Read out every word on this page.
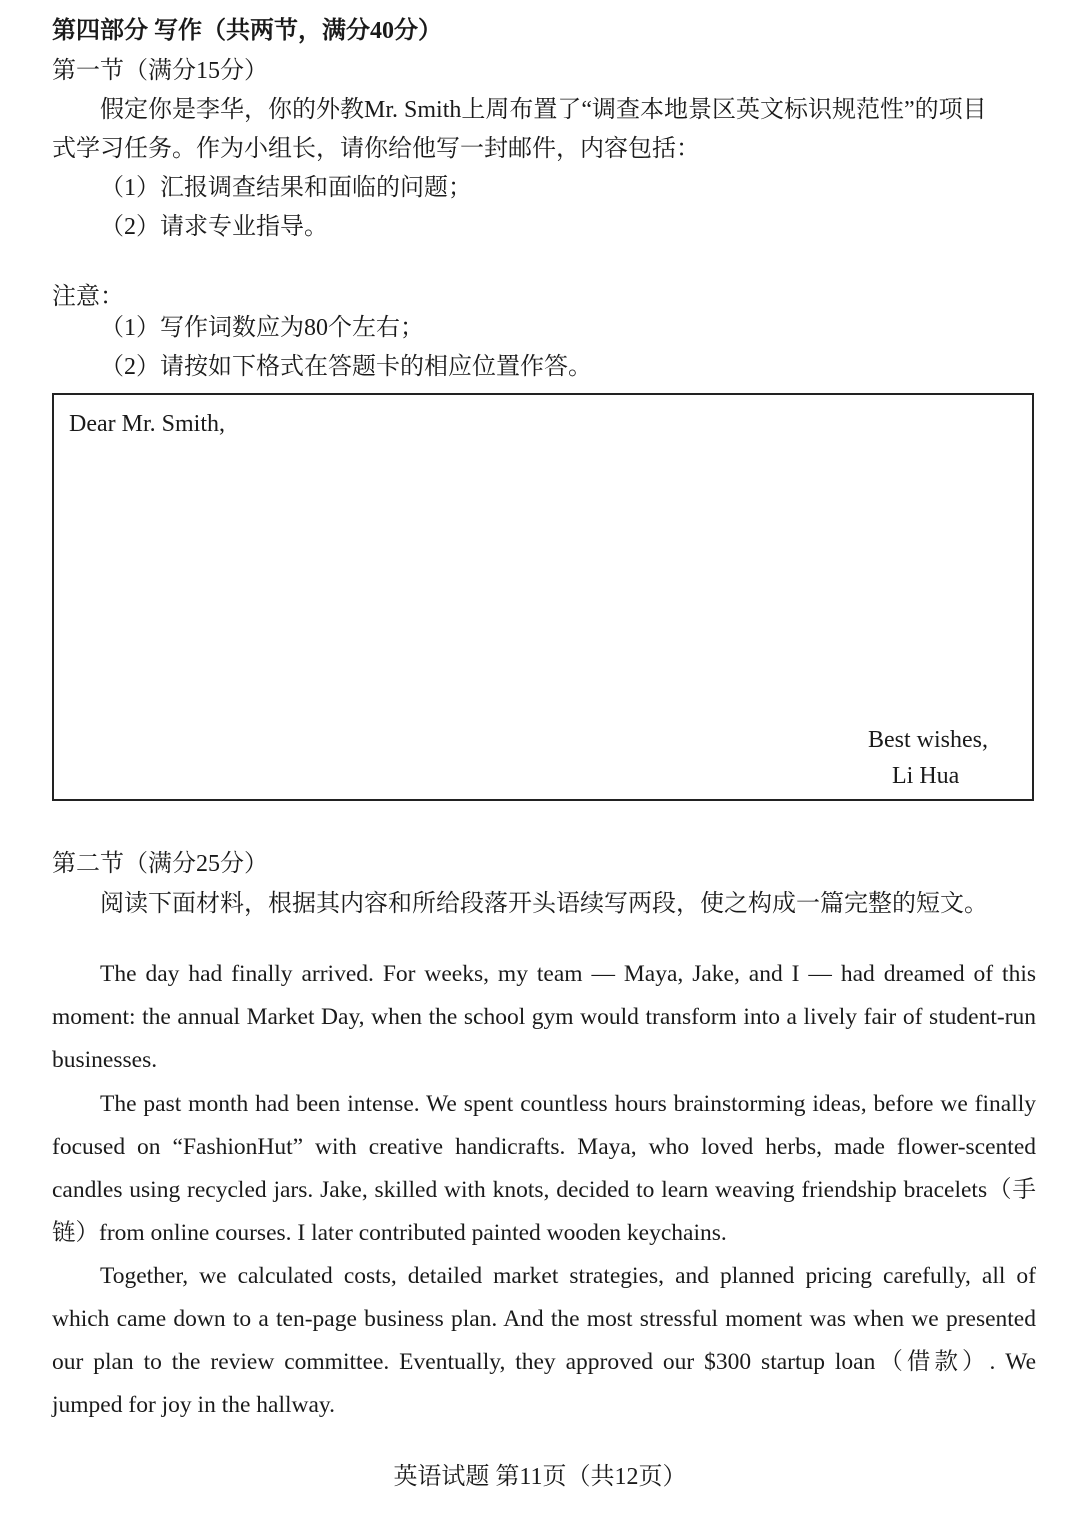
第四部分 写作（共两节，满分40分）
第一节（满分15分）
假定你是李华，你的外教Mr. Smith上周布置了“调查本地景区英文标识规范性”的项目
式学习任务。作为小组长，请你给他写一封邮件，内容包括：
（1）汇报调查结果和面临的问题；
（2）请求专业指导。
注意：
（1）写作词数应为80个左右；
（2）请按如下格式在答题卡的相应位置作答。
Dear Mr. Smith,
Best wishes,
Li Hua
第二节（满分25分）
阅读下面材料，根据其内容和所给段落开头语续写两段，使之构成一篇完整的短文。

The day had finally arrived. For weeks, my team — Maya, Jake, and I — had dreamed of this moment: the annual Market Day, when the school gym would transform into a lively fair of student-run businesses.

The past month had been intense. We spent countless hours brainstorming ideas, before we finally focused on “FashionHut” with creative handicrafts. Maya, who loved herbs, made flower-scented candles using recycled jars. Jake, skilled with knots, decided to learn weaving friendship bracelets（手链）from online courses. I later contributed painted wooden keychains.

Together, we calculated costs, detailed market strategies, and planned pricing carefully, all of which came down to a ten-page business plan. And the most stressful moment was when we presented our plan to the review committee. Eventually, they approved our $300 startup loan（借款）. We jumped for joy in the hallway.

英语试题 第11页（共12页）
